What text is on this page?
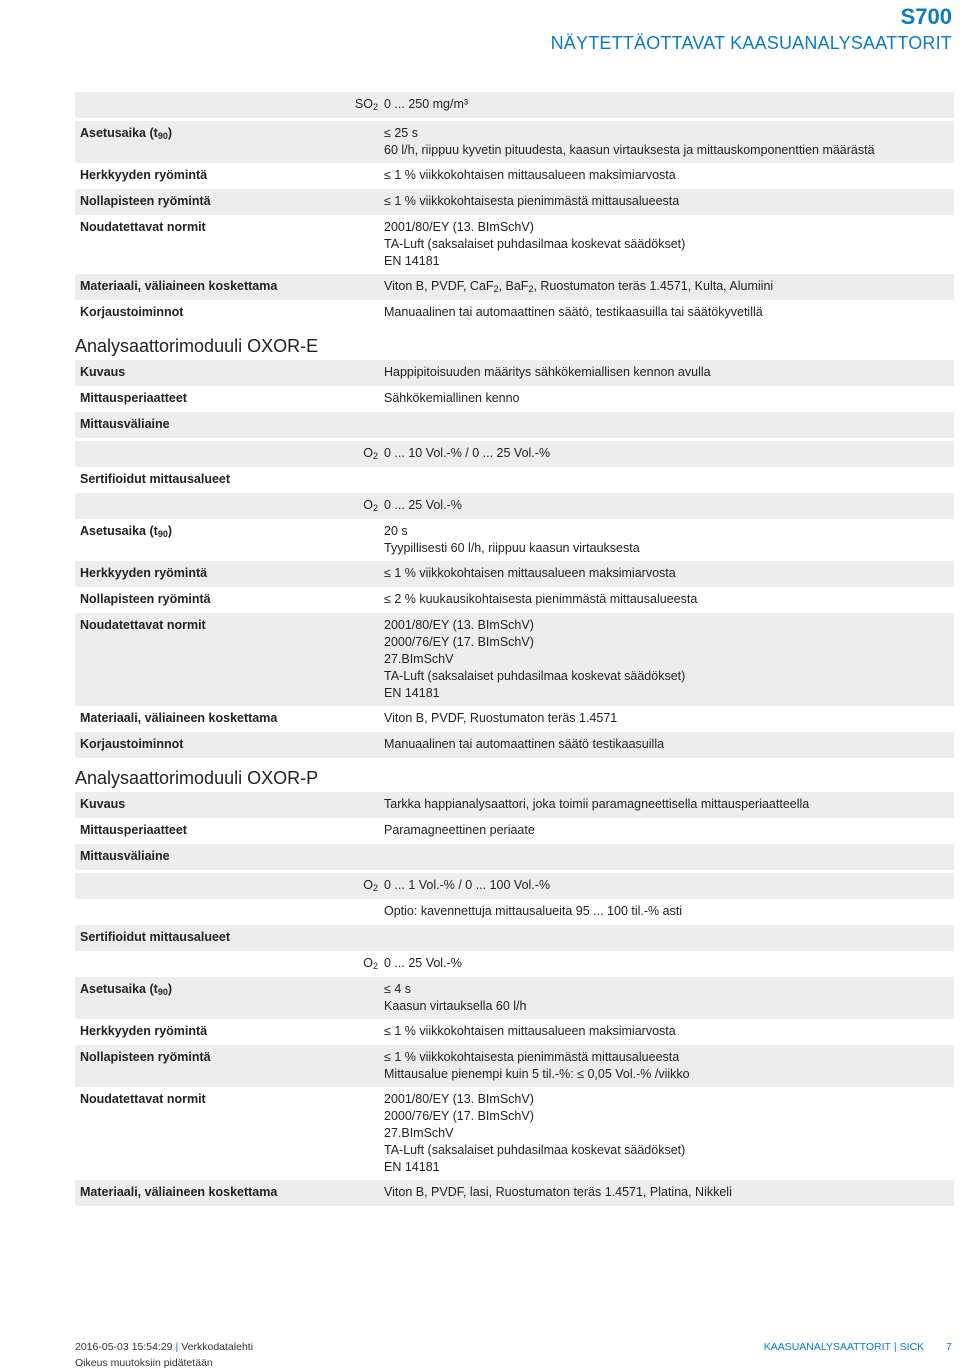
S700
NÄYTETTÄOTTAVAT KAASUANALYSAATTORIT
$SO_2$ 0 ... 250 mg/m³
Asetusaika $(t_{90})$	≤ 25 s
60 l/h, riippuu kyvetin pituudesta, kaasun virtauksesta ja mittauskomponenttien määrästä
Herkkyyden ryömintä	≤ 1 % viikkokohtaisen mittausalueen maksimiarvosta
Nollapisteen ryömintä	≤ 1 % viikkokohtaisesta pienimmästä mittausalueesta
Noudatettavat normit	2001/80/EY (13. BImSchV)
TA-Luft (saksalaiset puhdasilmaa koskevat säädökset)
EN 14181
Materiaali, väliaineen koskettama	Viton B, PVDF, CaF$_2$, BaF$_2$, Ruostumaton teräs 1.4571, Kulta, Alumiini
Korjaustoiminnot	Manuaalinen tai automaattinen säätö, testikaasuilla tai säätökyvetillä
Analysaattorimoduuli OXOR-E
Kuvaus	Happipitoisuuden määritys sähkökemiallisen kennon avulla
Mittausperiaatteet	Sähkökemiallinen kenno
Mittausväliaine
$O_2$ 0 ... 10 Vol.-% / 0 ... 25 Vol.-%
Sertifioidut mittausalueet
$O_2$ 0 ... 25 Vol.-%
Asetusaika $(t_{90})$	20 s
Tyypillisesti 60 l/h, riippuu kaasun virtauksesta
Herkkyyden ryömintä	≤ 1 % viikkokohtaisen mittausalueen maksimiarvosta
Nollapisteen ryömintä	≤ 2 % kuukausikohtaisesta pienimmästä mittausalueesta
Noudatettavat normit	2001/80/EY (13. BImSchV)
2000/76/EY (17. BImSchV)
27.BImSchV
TA-Luft (saksalaiset puhdasilmaa koskevat säädökset)
EN 14181
Materiaali, väliaineen koskettama	Viton B, PVDF, Ruostumaton teräs 1.4571
Korjaustoiminnot	Manuaalinen tai automaattinen säätö testikaasuilla
Analysaattorimoduuli OXOR-P
Kuvaus	Tarkka happianalysaattori, joka toimii paramagneettisella mittausperiaatteella
Mittausperiaatteet	Paramagneettinen periaate
Mittausväliaine
$O_2$ 0 ... 1 Vol.-% / 0 ... 100 Vol.-%
Optio: kavennettuja mittausalueita 95 ... 100 til.-% asti
Sertifioidut mittausalueet
$O_2$ 0 ... 25 Vol.-%
Asetusaika $(t_{90})$	≤ 4 s
Kaasun virtauksella 60 l/h
Herkkyyden ryömintä	≤ 1 % viikkokohtaisen mittausalueen maksimiarvosta
Nollapisteen ryömintä	≤ 1 % viikkokohtaisesta pienimmästä mittausalueesta
Mittausalue pienempi kuin 5 til.-%: ≤ 0,05 Vol.-% /viikko
Noudatettavat normit	2001/80/EY (13. BImSchV)
2000/76/EY (17. BImSchV)
27.BImSchV
TA-Luft (saksalaiset puhdasilmaa koskevat säädökset)
EN 14181
Materiaali, väliaineen koskettama	Viton B, PVDF, lasi, Ruostumaton teräs 1.4571, Platina, Nikkeli
2016-05-03 15:54:29 | Verkkodatalehti
Oikeus muutoksiin pidätetään
KAASUANALYSAATTORIT | SICK 7
